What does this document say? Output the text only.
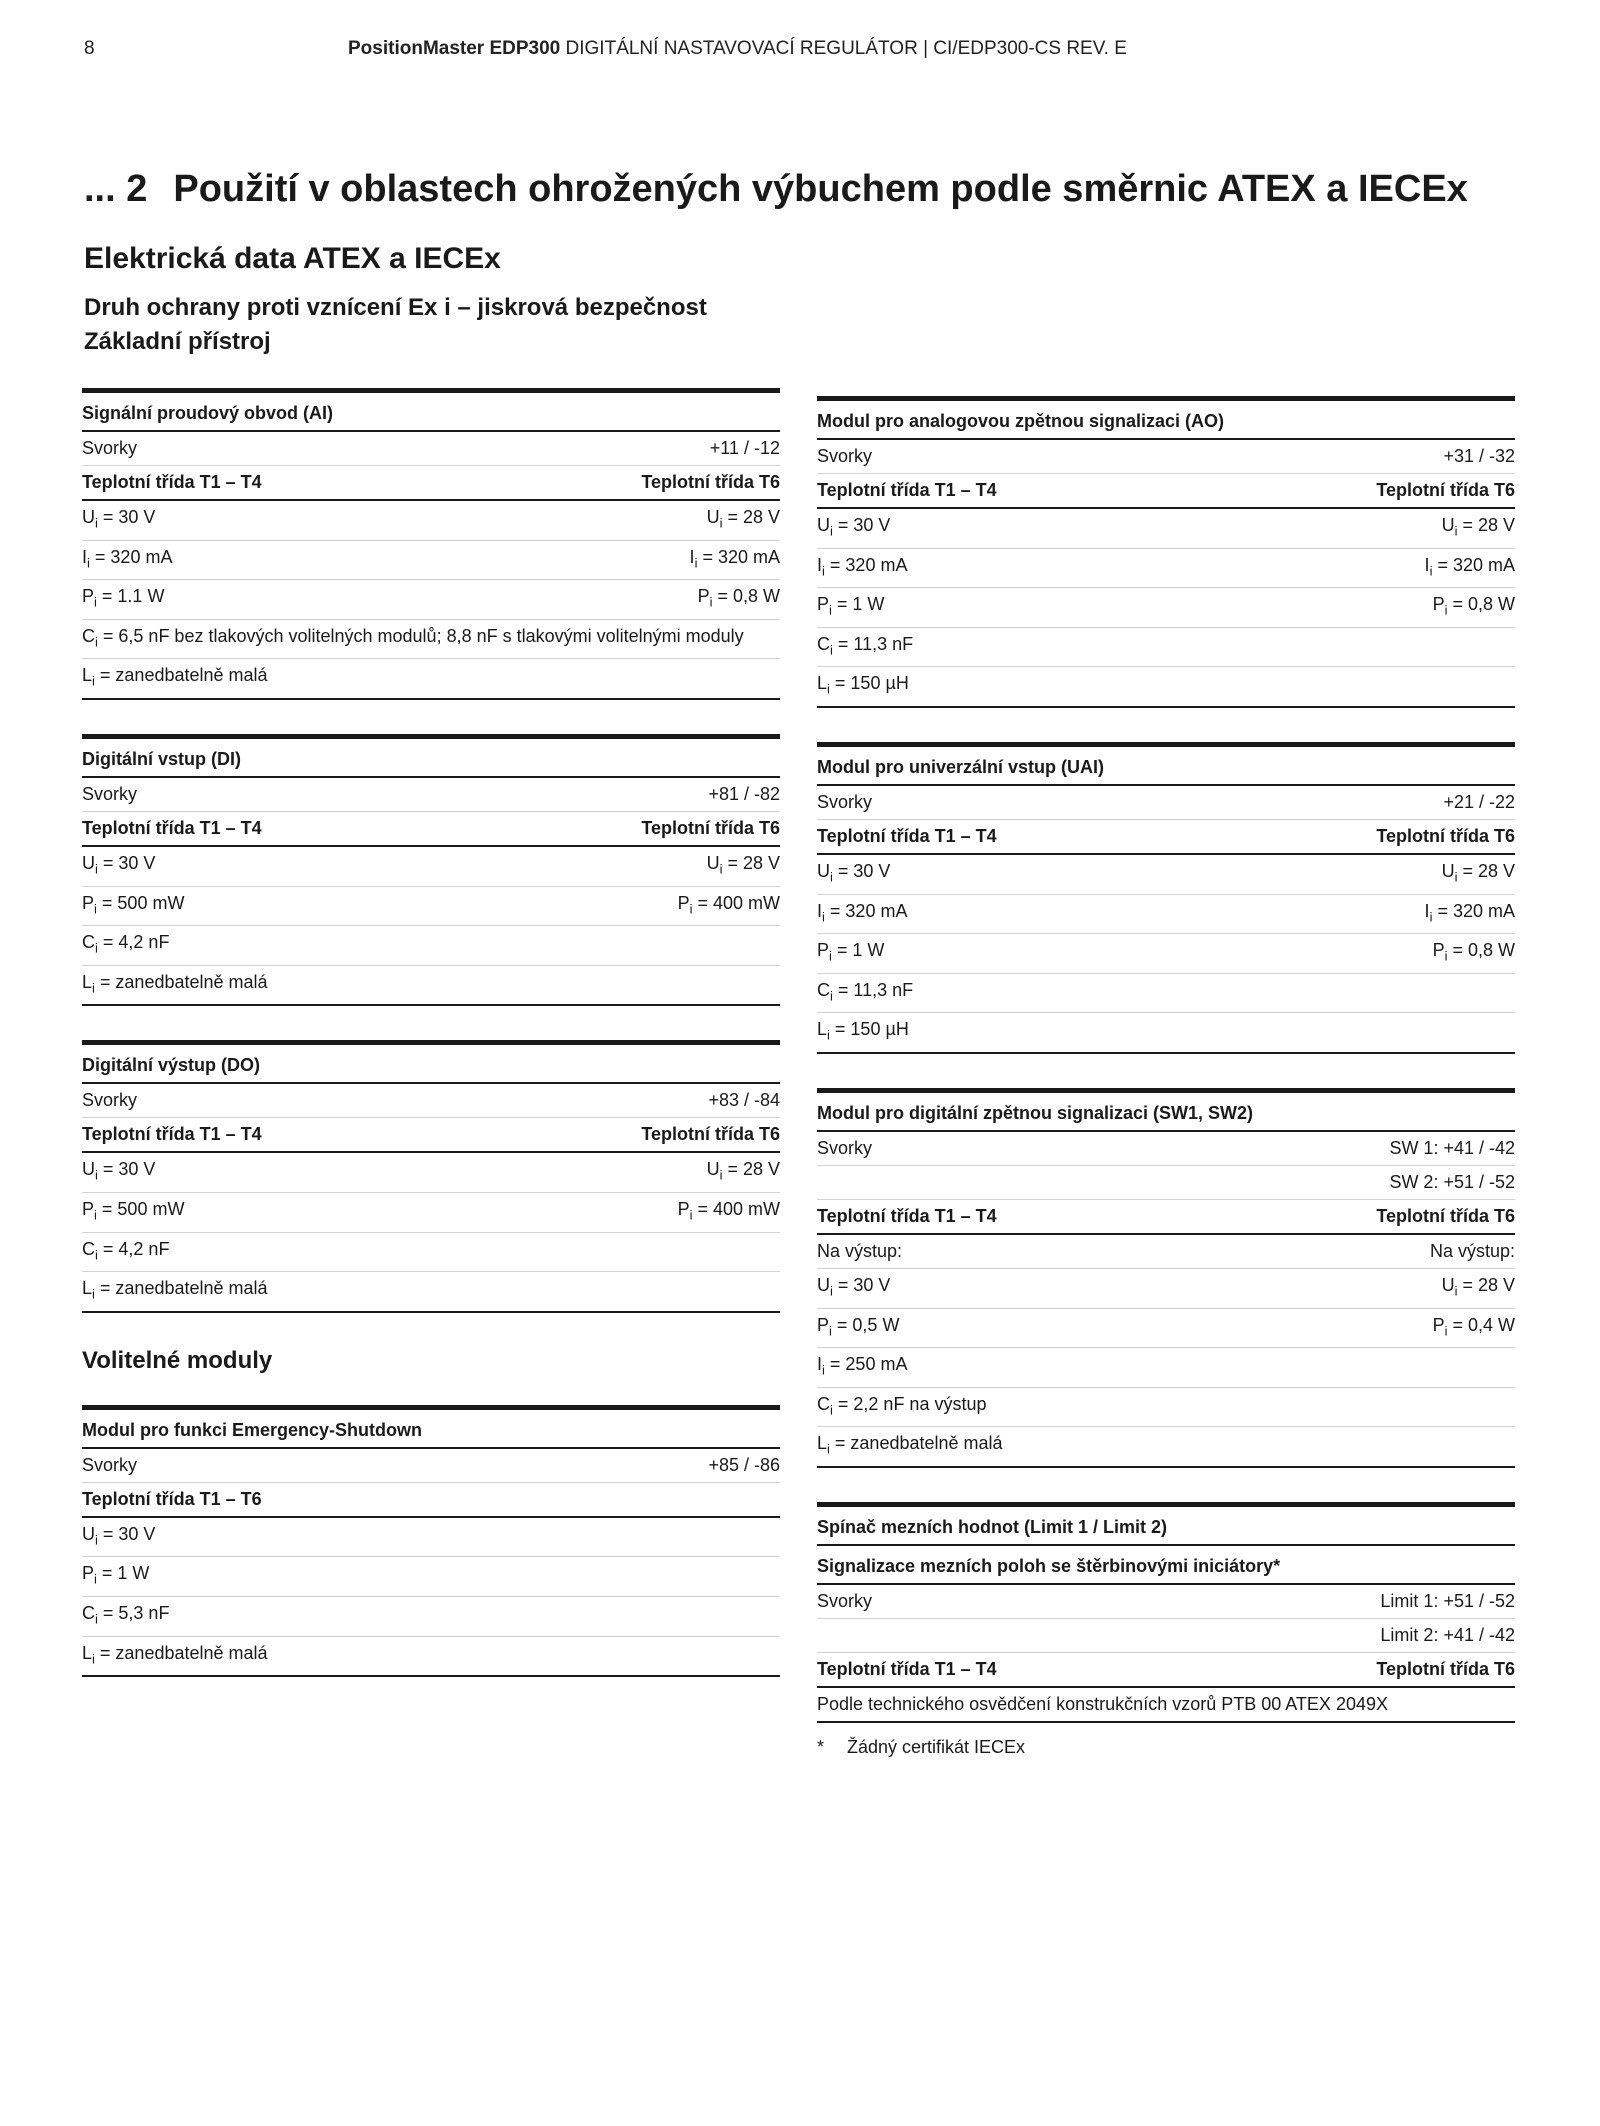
8	PositionMaster EDP300 DIGITÁLNÍ NASTAVOVACÍ REGULÁTOR | CI/EDP300-CS REV. E
... 2 Použití v oblastech ohrožených výbuchem podle směrnic ATEX a IECEx
Elektrická data ATEX a IECEx
Druh ochrany proti vznícení Ex i – jiskrová bezpečnost
Základní přístroj
Signální proudový obvod (AI)
Svorky	+11 / -12
Teplotní třída T1 – T4	Teplotní třída T6
$U_i = 30$ V	$U_i = 28$ V
$I_i = 320$ mA	$I_i = 320$ mA
$P_i = 1.1$ W	$P_i = 0,8$ W
$C_i = 6,5$ nF bez tlakových volitelných modulů; 8,8 nF s tlakovými volitelnými moduly
$L_i$ = zanedbatelně malá
Digitální vstup (DI)
Svorky	+81 / -82
Teplotní třída T1 – T4	Teplotní třída T6
$U_i = 30$ V	$U_i = 28$ V
$P_i = 500$ mW	$P_i = 400$ mW
$C_i = 4,2$ nF
$L_i$ = zanedbatelně malá
Digitální výstup (DO)
Svorky	+83 / -84
Teplotní třída T1 – T4	Teplotní třída T6
$U_i = 30$ V	$U_i = 28$ V
$P_i = 500$ mW	$P_i = 400$ mW
$C_i = 4,2$ nF
$L_i$ = zanedbatelně malá
Volitelné moduly
Modul pro funkci Emergency-Shutdown
Svorky	+85 / -86
Teplotní třída T1 – T6
$U_i = 30$ V
$P_i = 1$ W
$C_i = 5,3$ nF
$L_i$ = zanedbatelně malá
Modul pro analogovou zpětnou signalizaci (AO)
Svorky	+31 / -32
Teplotní třída T1 – T4	Teplotní třída T6
$U_i = 30$ V	$U_i = 28$ V
$I_i = 320$ mA	$I_i = 320$ mA
$P_i = 1$ W	$P_i = 0,8$ W
$C_i = 11,3$ nF
$L_i = 150$ µH
Modul pro univerzální vstup (UAI)
Svorky	+21 / -22
Teplotní třída T1 – T4	Teplotní třída T6
$U_i = 30$ V	$U_i = 28$ V
$I_i = 320$ mA	$I_i = 320$ mA
$P_i = 1$ W	$P_i = 0,8$ W
$C_i = 11,3$ nF
$L_i = 150$ µH
Modul pro digitální zpětnou signalizaci (SW1, SW2)
Svorky	SW 1: +41 / -42
SW 2: +51 / -52
Teplotní třída T1 – T4	Teplotní třída T6
Na výstup:	Na výstup:
$U_i = 30$ V	$U_i = 28$ V
$P_i = 0,5$ W	$P_i = 0,4$ W
$I_i = 250$ mA
$C_i = 2,2$ nF na výstup
$L_i$ = zanedbatelně malá
Spínač mezních hodnot (Limit 1 / Limit 2)
Signalizace mezních poloh se štěrbinovými iniciátory*
Svorky	Limit 1: +51 / -52
Limit 2: +41 / -42
Teplotní třída T1 – T4	Teplotní třída T6
Podle technického osvědčení konstrukčních vzorů PTB 00 ATEX 2049X
* Žádný certifikát IECEx
